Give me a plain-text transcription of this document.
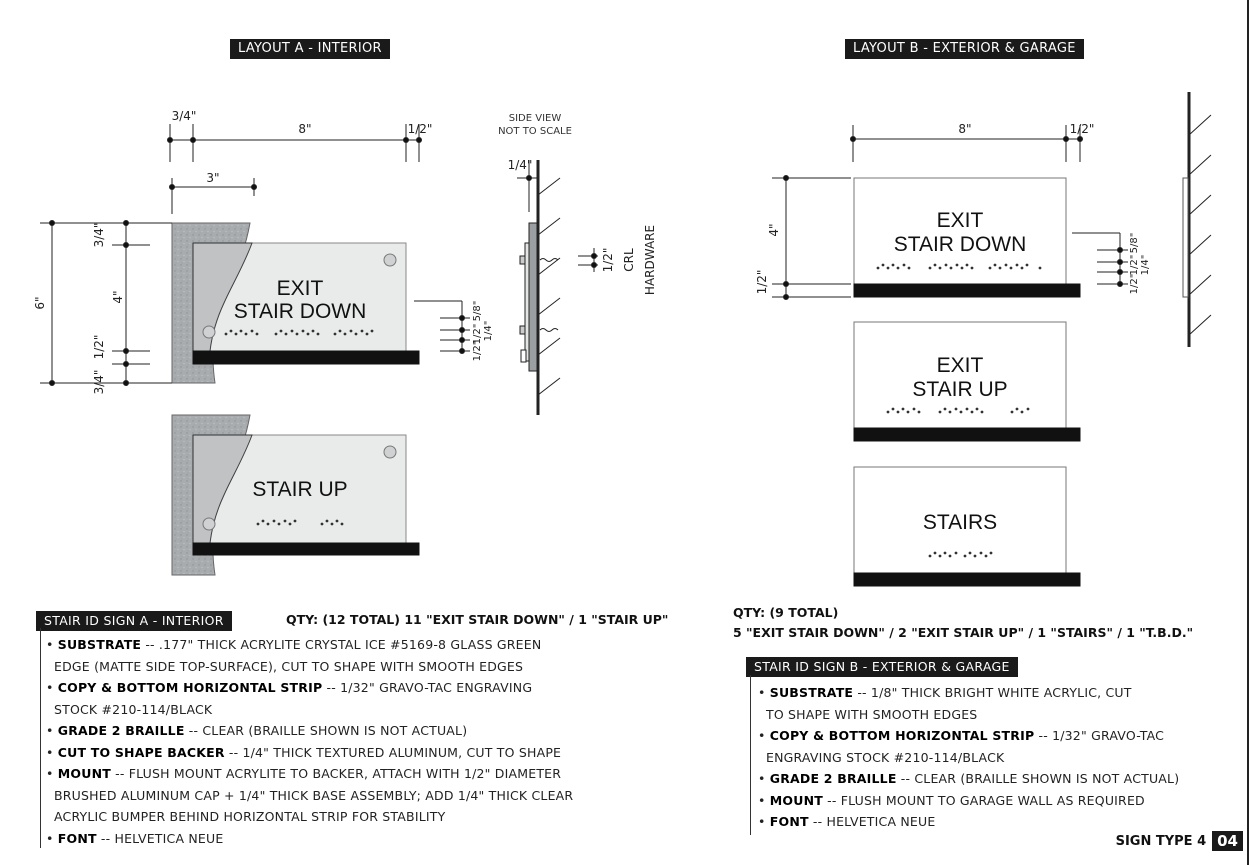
EXIT
STAIR DOWN
STAIR UP
EXIT
STAIR DOWN
EXIT
STAIR UP
STAIRS
3/4"
8"	1/2"
3"
6"
3/4"
4"
1/2"
3/4"
5/8"
1/2"
1/2"
1/4"
8"	1/2"
4"
1/2"
5/8"
1/2"
1/2"
1/4"
1/4"
1/2" CRL HARDWARE
LAYOUT A - INTERIOR	LAYOUT B - EXTERIOR & GARAGE
SIDE VIEW
NOT TO SCALE
STAIR ID SIGN A - INTERIOR	QTY: (12 TOTAL) 11 "EXIT STAIR DOWN" / 1 "STAIR UP"
• SUBSTRATE -- .177" THICK ACRYLITE CRYSTAL ICE #5169-8 GLASS GREEN
EDGE (MATTE SIDE TOP-SURFACE), CUT TO SHAPE WITH SMOOTH EDGES
• COPY & BOTTOM HORIZONTAL STRIP -- 1/32" GRAVO-TAC ENGRAVING
STOCK #210-114/BLACK
• GRADE 2 BRAILLE -- CLEAR (BRAILLE SHOWN IS NOT ACTUAL)
• CUT TO SHAPE BACKER -- 1/4" THICK TEXTURED ALUMINUM, CUT TO SHAPE
• MOUNT -- FLUSH MOUNT ACRYLITE TO BACKER, ATTACH WITH 1/2" DIAMETER
BRUSHED ALUMINUM CAP + 1/4" THICK BASE ASSEMBLY; ADD 1/4" THICK CLEAR
ACRYLIC BUMPER BEHIND HORIZONTAL STRIP FOR STABILITY
• FONT -- HELVETICA NEUE
QTY: (9 TOTAL)
5 "EXIT STAIR DOWN" / 2 "EXIT STAIR UP" / 1 "STAIRS" / 1 "T.B.D."
STAIR ID SIGN B - EXTERIOR & GARAGE
• SUBSTRATE -- 1/8" THICK BRIGHT WHITE ACRYLIC, CUT
TO SHAPE WITH SMOOTH EDGES
• COPY & BOTTOM HORIZONTAL STRIP -- 1/32" GRAVO-TAC
ENGRAVING STOCK #210-114/BLACK
• GRADE 2 BRAILLE -- CLEAR (BRAILLE SHOWN IS NOT ACTUAL)
• MOUNT -- FLUSH MOUNT TO GARAGE WALL AS REQUIRED
• FONT -- HELVETICA NEUE
SIGN TYPE 4 04
